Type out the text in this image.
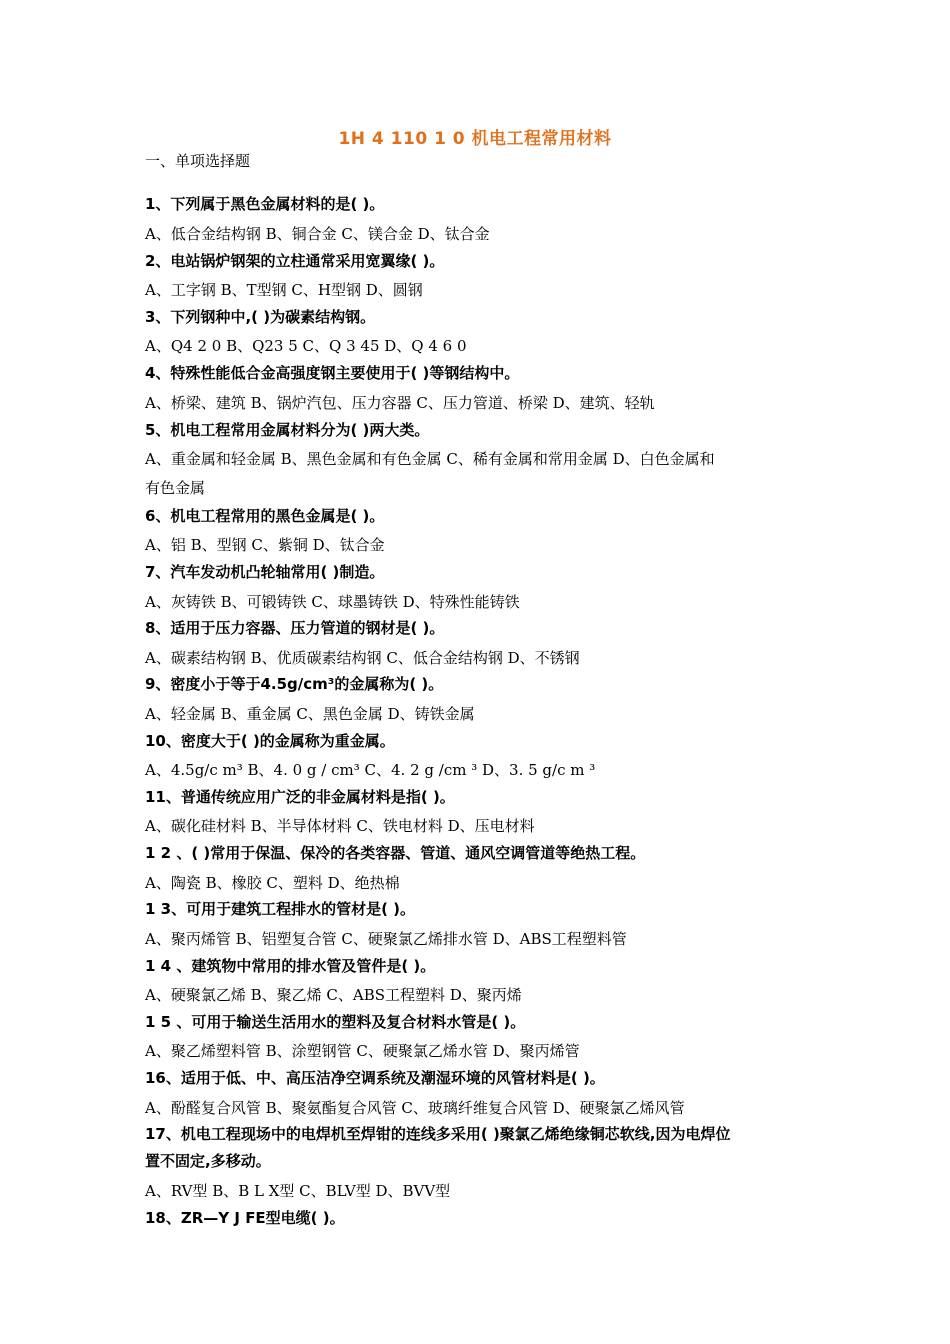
1H 4 110 1 0 机电工程常用材料
一、单项选择题
1、下列属于黑色金属材料的是( )。
A、低合金结构钢 B、铜合金 C、镁合金 D、钛合金
2、电站锅炉钢架的立柱通常采用宽翼缘( )。
A、工字钢 B、T型钢 C、H型钢 D、圆钢
3、下列钢种中,( )为碳素结构钢。
A、Q4 2 0 B、Q23 5 C、Q 3 45 D、Q 4 6 0
4、特殊性能低合金高强度钢主要使用于( )等钢结构中。
A、桥梁、建筑 B、锅炉汽包、压力容器 C、压力管道、桥梁 D、建筑、轻轨
5、机电工程常用金属材料分为( )两大类。
A、重金属和轻金属 B、黑色金属和有色金属 C、稀有金属和常用金属 D、白色金属和
有色金属
6、机电工程常用的黑色金属是( )。
A、铝 B、型钢 C、紫铜 D、钛合金
7、汽车发动机凸轮轴常用( )制造。
A、灰铸铁 B、可锻铸铁 C、球墨铸铁 D、特殊性能铸铁
8、适用于压力容器、压力管道的钢材是( )。
A、碳素结构钢 B、优质碳素结构钢 C、低合金结构钢 D、不锈钢
9、密度小于等于4.5g/cm³的金属称为( )。
A、轻金属 B、重金属 C、黑色金属 D、铸铁金属
10、密度大于( )的金属称为重金属。
A、4.5g/c m³ B、4. 0 g / cm³ C、4. 2 g /cm ³ D、3. 5 g/c m ³
11、普通传统应用广泛的非金属材料是指( )。
A、碳化硅材料 B、半导体材料 C、铁电材料 D、压电材料
1 2 、( )常用于保温、保冷的各类容器、管道、通风空调管道等绝热工程。
A、陶瓷 B、橡胶 C、塑料 D、绝热棉
1 3、可用于建筑工程排水的管材是( )。
A、聚丙烯管 B、铝塑复合管 C、硬聚氯乙烯排水管 D、ABS工程塑料管
1 4 、建筑物中常用的排水管及管件是( )。
A、硬聚氯乙烯 B、聚乙烯 C、ABS工程塑料 D、聚丙烯
1 5 、可用于输送生活用水的塑料及复合材料水管是( )。
A、聚乙烯塑料管 B、涂塑钢管 C、硬聚氯乙烯水管 D、聚丙烯管
16、适用于低、中、高压洁净空调系统及潮湿环境的风管材料是( )。
A、酚醛复合风管 B、聚氨酯复合风管 C、玻璃纤维复合风管 D、硬聚氯乙烯风管
17、机电工程现场中的电焊机至焊钳的连线多采用( )聚氯乙烯绝缘铜芯软线,因为电焊位
置不固定,多移动。
A、RV型 B、B L X型 C、BLV型 D、BVV型
18、ZR—Y J FE型电缆( )。
